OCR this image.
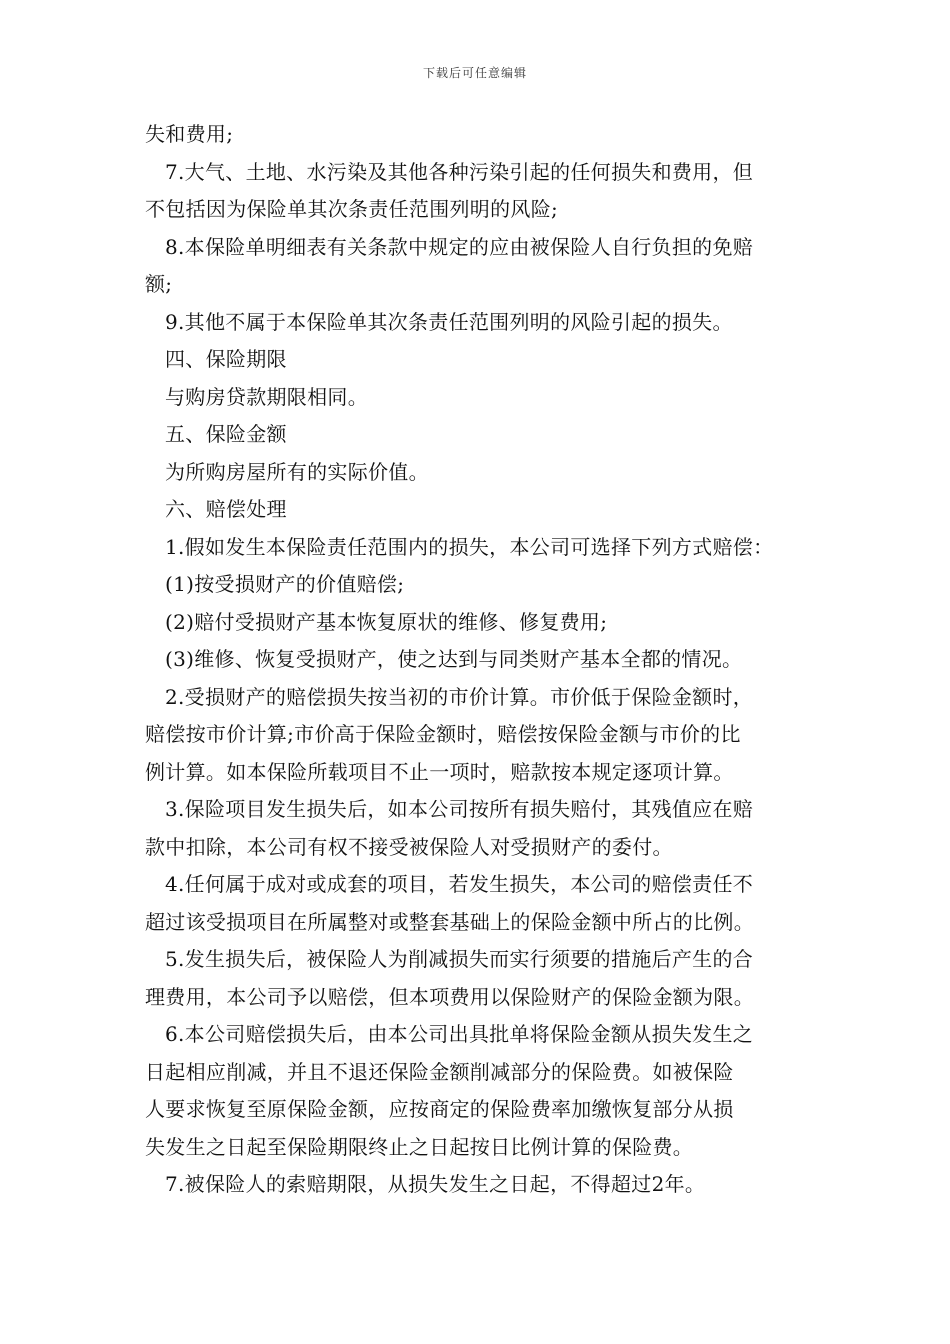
下载后可任意编辑
失和费用;
7.大气、土地、水污染及其他各种污染引起的任何损失和费用，但
不包括因为保险单其次条责任范围列明的风险;
8.本保险单明细表有关条款中规定的应由被保险人自行负担的免赔
额;
9.其他不属于本保险单其次条责任范围列明的风险引起的损失。
四、保险期限
与购房贷款期限相同。
五、保险金额
为所购房屋所有的实际价值。
六、赔偿处理
1.假如发生本保险责任范围内的损失，本公司可选择下列方式赔偿：
(1)按受损财产的价值赔偿;
(2)赔付受损财产基本恢复原状的维修、修复费用;
(3)维修、恢复受损财产，使之达到与同类财产基本全都的情况。
2.受损财产的赔偿损失按当初的市价计算。市价低于保险金额时，
赔偿按市价计算;市价高于保险金额时，赔偿按保险金额与市价的比
例计算。如本保险所载项目不止一项时，赔款按本规定逐项计算。
3.保险项目发生损失后，如本公司按所有损失赔付，其残值应在赔
款中扣除，本公司有权不接受被保险人对受损财产的委付。
4.任何属于成对或成套的项目，若发生损失，本公司的赔偿责任不
超过该受损项目在所属整对或整套基础上的保险金额中所占的比例。
5.发生损失后，被保险人为削减损失而实行须要的措施后产生的合
理费用，本公司予以赔偿，但本项费用以保险财产的保险金额为限。
6.本公司赔偿损失后，由本公司出具批单将保险金额从损失发生之
日起相应削减，并且不退还保险金额削减部分的保险费。如被保险
人要求恢复至原保险金额，应按商定的保险费率加缴恢复部分从损
失发生之日起至保险期限终止之日起按日比例计算的保险费。
7.被保险人的索赔期限，从损失发生之日起，不得超过2年。
